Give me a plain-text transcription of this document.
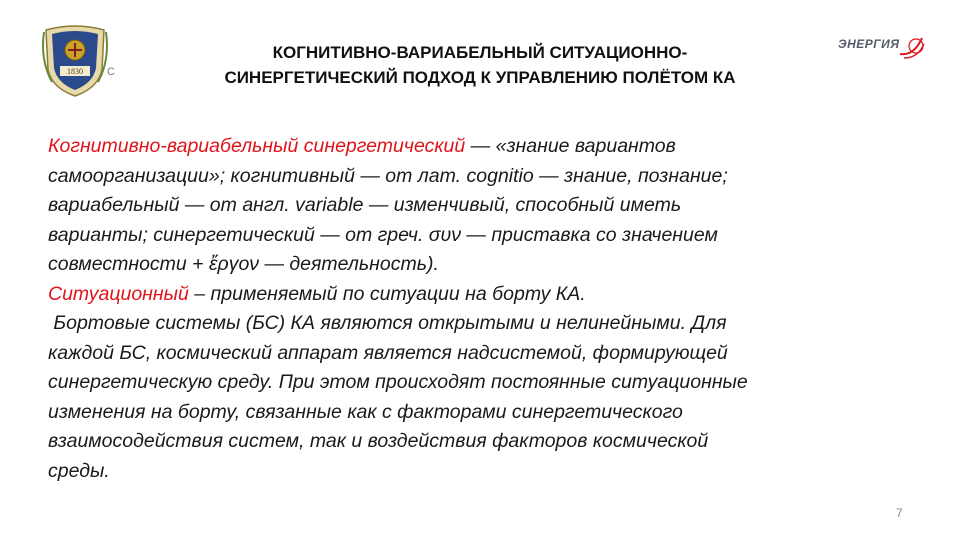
1830 С
КОГНИТИВНО-ВАРИАБЕЛЬНЫЙ СИТУАЦИОННО-
СИНЕРГЕТИЧЕСКИЙ ПОДХОД К УПРАВЛЕНИЮ ПОЛЁТОМ КА
ЭНЕРГИЯ
Когнитивно-вариабельный синергетический — «знание вариантов
самоорганизации»; когнитивный — от лат. cognitio — знание, познание;
вариабельный — от англ. variable — изменчивый, способный иметь
варианты; синергетический — от греч. συν — приставка со значением
совместности + ἔργον — деятельность).
Ситуационный – применяемый по ситуации на борту КА.
Бортовые системы (БС) КА являются открытыми и нелинейными. Для
каждой БС, космический аппарат является надсистемой, формирующей
синергетическую среду. При этом происходят постоянные ситуационные
изменения на борту, связанные как с факторами синергетического
взаимосодействия систем, так и воздействия факторов космической
среды.
7
